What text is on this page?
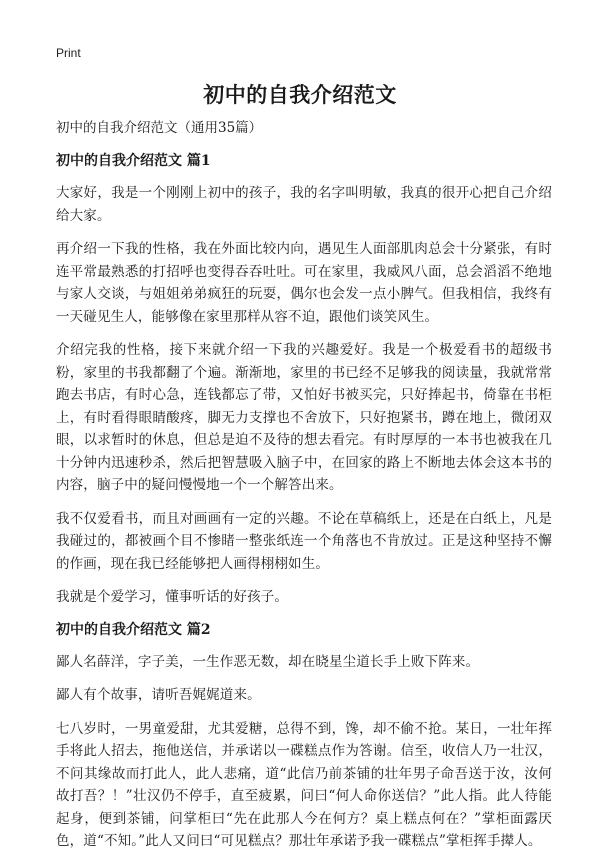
Print
初中的自我介绍范文
初中的自我介绍范文（通用35篇）
初中的自我介绍范文 篇1

大家好，我是一个刚刚上初中的孩子，我的名字叫明敏，我真的很开心把自己介绍给大家。

再介绍一下我的性格，我在外面比较内向，遇见生人面部肌肉总会十分紧张，有时连平常最熟悉的打招呼也变得吞吞吐吐。可在家里，我威风八面，总会滔滔不绝地与家人交谈，与姐姐弟弟疯狂的玩耍，偶尔也会发一点小脾气。但我相信，我终有一天碰见生人，能够像在家里那样从容不迫，跟他们谈笑风生。

介绍完我的性格，接下来就介绍一下我的兴趣爱好。我是一个极爱看书的超级书粉，家里的书我都翻了个遍。渐渐地，家里的书已经不足够我的阅读量，我就常常跑去书店，有时心急，连钱都忘了带，又怕好书被买完，只好捧起书，倚靠在书柜上，有时看得眼睛酸疼，脚无力支撑也不舍放下，只好抱紧书，蹲在地上，微闭双眼，以求暂时的休息，但总是迫不及待的想去看完。有时厚厚的一本书也被我在几十分钟内迅速秒杀，然后把智慧吸入脑子中，在回家的路上不断地去体会这本书的内容，脑子中的疑问慢慢地一个一个解答出来。

我不仅爱看书，而且对画画有一定的兴趣。不论在草稿纸上，还是在白纸上，凡是我碰过的，都被画个目不惨睹一整张纸连一个角落也不肯放过。正是这种坚持不懈的作画，现在我已经能够把人画得栩栩如生。

我就是个爱学习，懂事听话的好孩子。

初中的自我介绍范文 篇2

鄙人名薛洋，字子美，一生作恶无数，却在晓星尘道长手上败下阵来。

鄙人有个故事，请听吾娓娓道来。

七八岁时，一男童爱甜，尤其爱糖，总得不到，馋，却不偷不抢。某日，一壮年挥手将此人招去，拖他送信，并承诺以一碟糕点作为答谢。信至，收信人乃一壮汉，不问其缘故而打此人，此人悲痛，道“此信乃前茶铺的壮年男子命吾送于汝，汝何故打吾？！”壮汉仍不停手，直至疲累，问曰“何人命你送信？”此人指。此人待能起身，便到茶铺，问掌柜曰“先在此那人今在何方？桌上糕点何在？”掌柜面露厌色，道“不知。”此人又问曰“可见糕点？那壮年承诺予我一碟糕点”掌柜挥手撵人。
